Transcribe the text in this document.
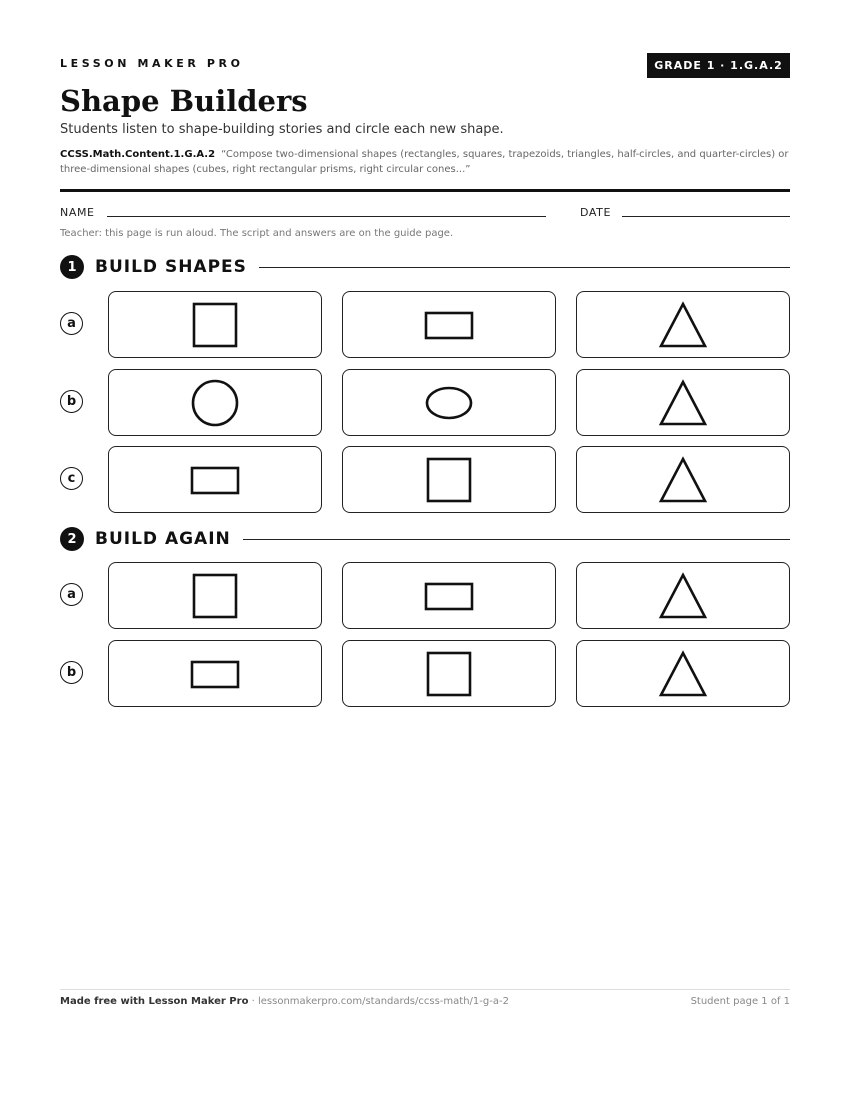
LESSON MAKER PRO	GRADE 1 · 1.G.A.2
Shape Builders
Students listen to shape-building stories and circle each new shape.
CCSS.Math.Content.1.G.A.2 “Compose two-dimensional shapes (rectangles, squares, trapezoids, triangles, half-circles, and quarter-circles) or three-dimensional shapes (cubes, right rectangular prisms, right circular cones...”
NAME	DATE
Teacher: this page is run aloud. The script and answers are on the guide page.
1	BUILD SHAPES
a
b
c
2	BUILD AGAIN
a
b
Made free with Lesson Maker Pro · lessonmakerpro.com/standards/ccss-math/1-g-a-2	Student page 1 of 1
